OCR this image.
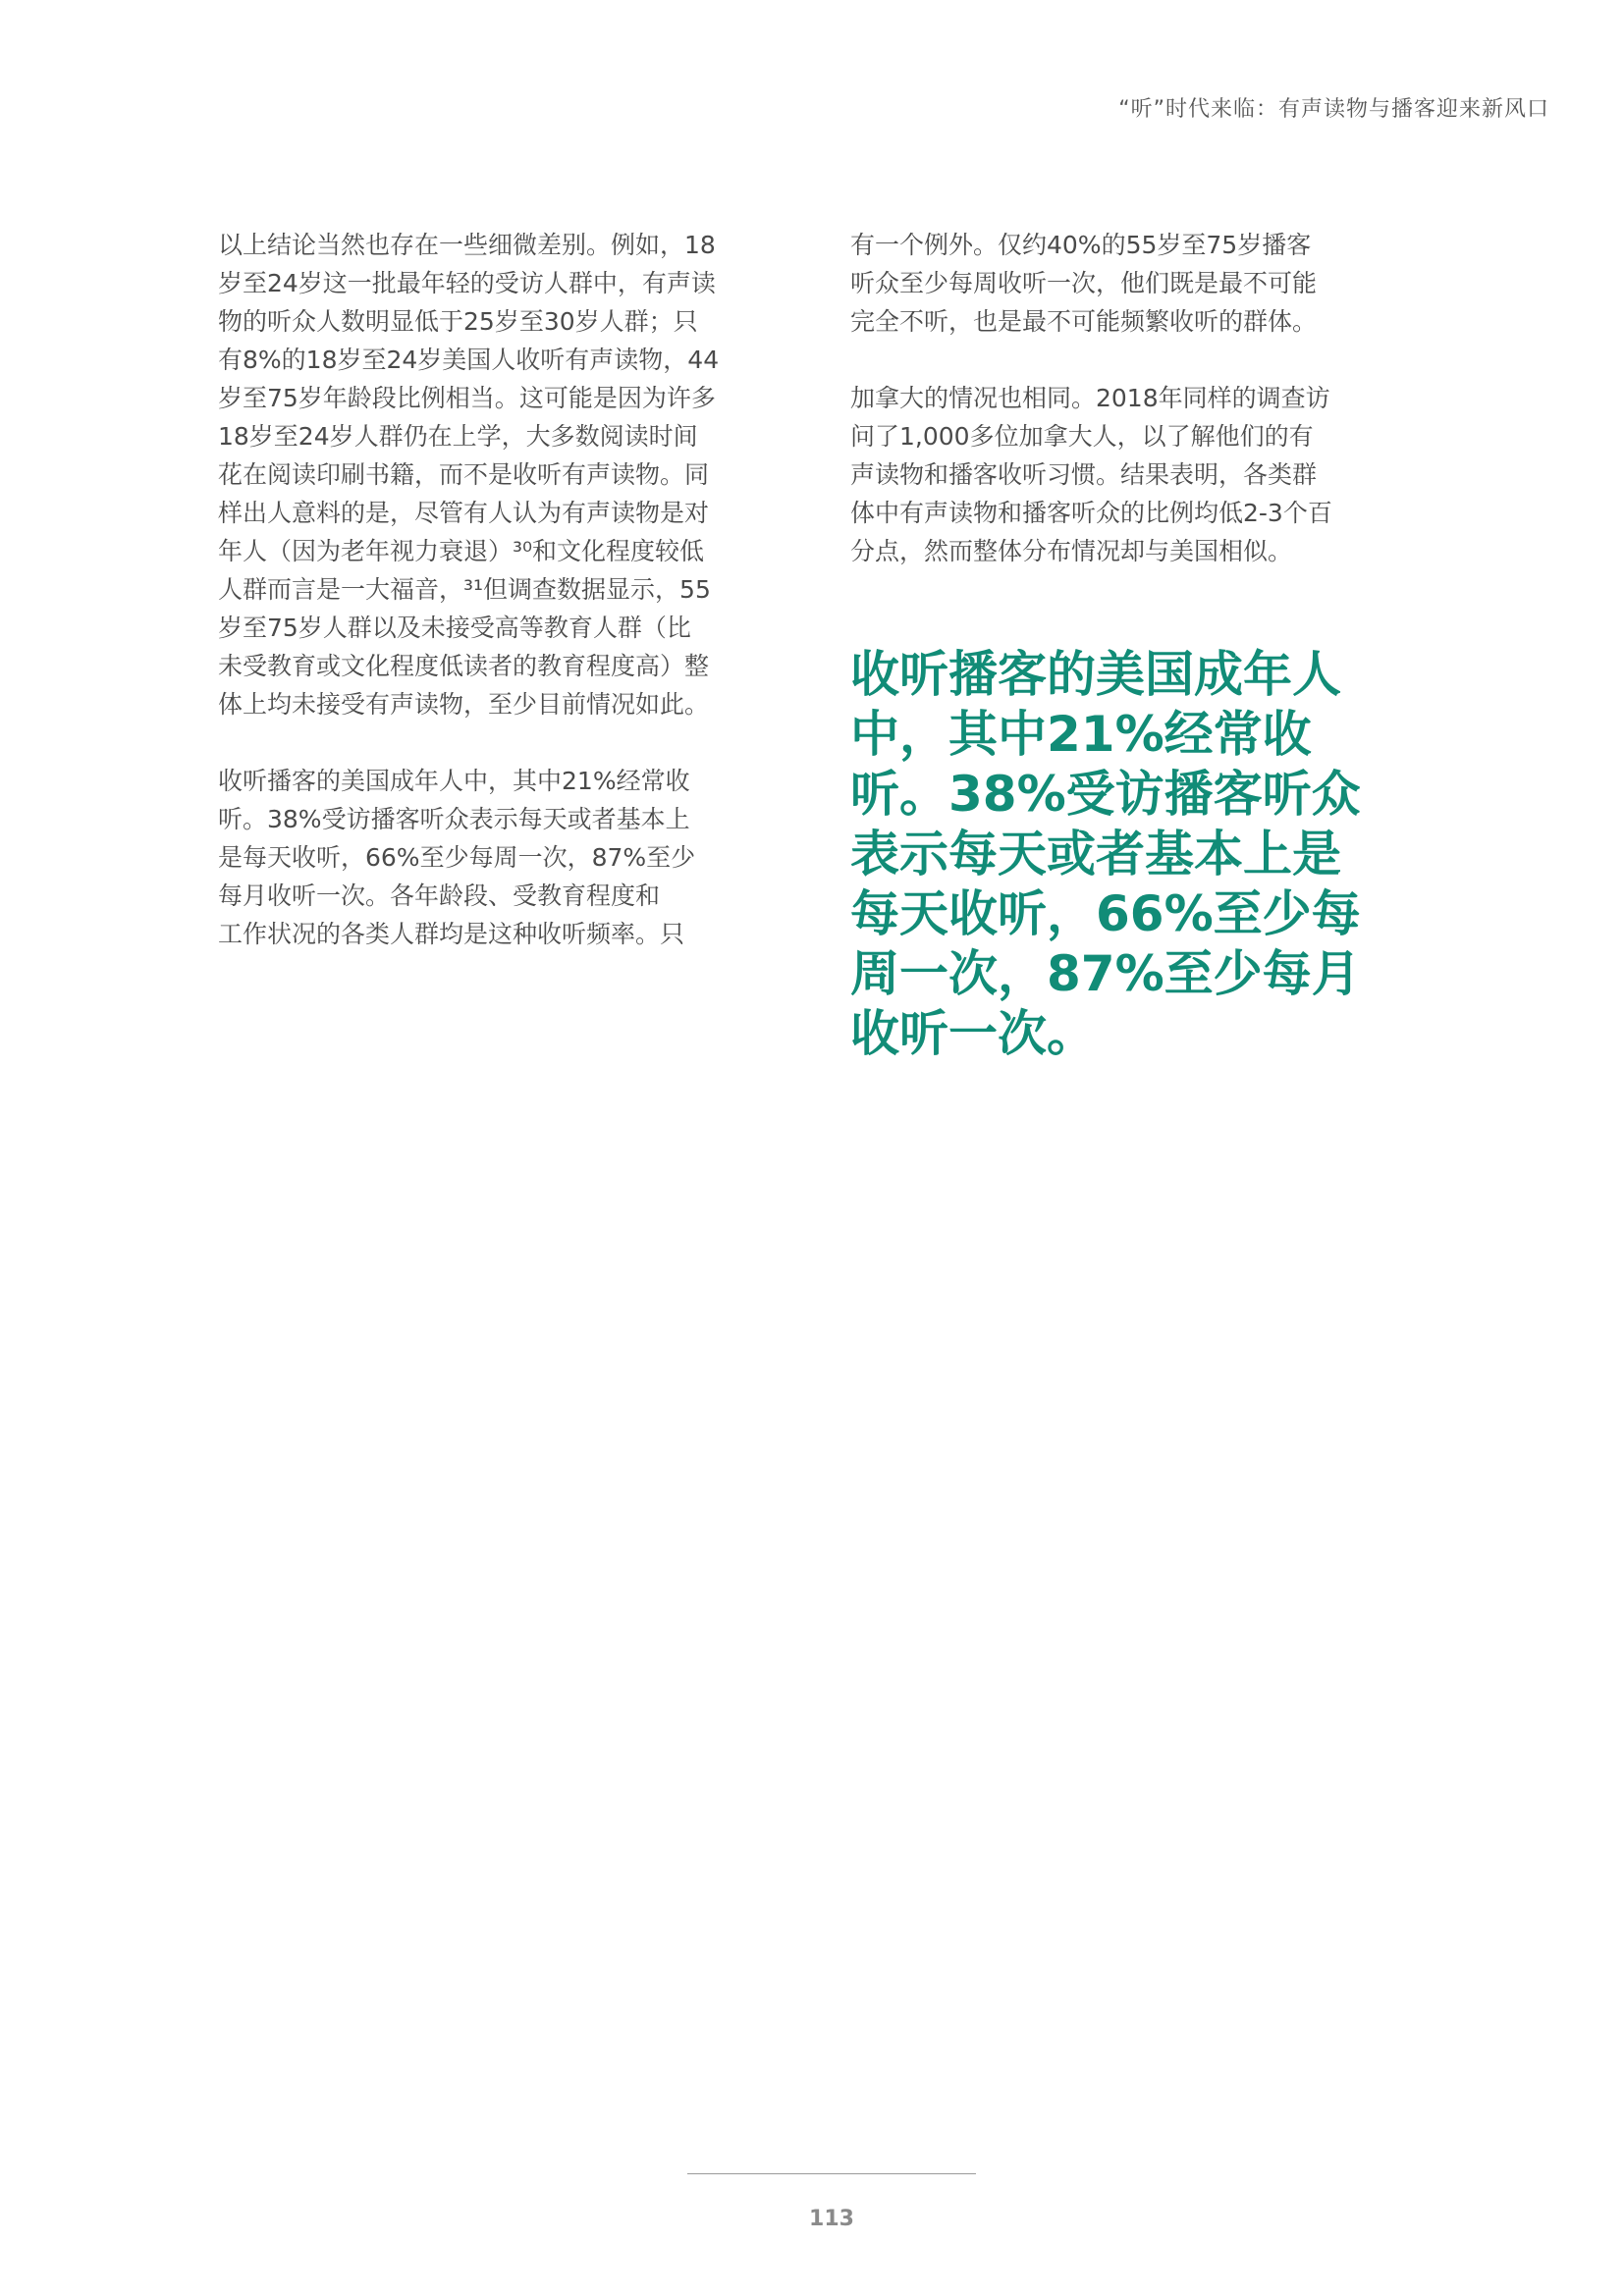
“听”时代来临：有声读物与播客迎来新风口

以上结论当然也存在一些细微差别。例如，18
岁至24岁这一批最年轻的受访人群中，有声读
物的听众人数明显低于25岁至30岁人群；只
有8%的18岁至24岁美国人收听有声读物，44
岁至75岁年龄段比例相当。这可能是因为许多
18岁至24岁人群仍在上学，大多数阅读时间
花在阅读印刷书籍，而不是收听有声读物。同
样出人意料的是，尽管有人认为有声读物是对
年人（因为老年视力衰退）³⁰和文化程度较低
人群而言是一大福音，³¹但调查数据显示，55
岁至75岁人群以及未接受高等教育人群（比
未受教育或文化程度低读者的教育程度高）整
体上均未接受有声读物，至少目前情况如此。

收听播客的美国成年人中，其中21%经常收
听。38%受访播客听众表示每天或者基本上
是每天收听，66%至少每周一次，87%至少
每月收听一次。各年龄段、受教育程度和
工作状况的各类人群均是这种收听频率。只

有一个例外。仅约40%的55岁至75岁播客
听众至少每周收听一次，他们既是最不可能
完全不听，也是最不可能频繁收听的群体。

加拿大的情况也相同。2018年同样的调查访
问了1,000多位加拿大人，以了解他们的有
声读物和播客收听习惯。结果表明，各类群
体中有声读物和播客听众的比例均低2-3个百
分点，然而整体分布情况却与美国相似。

收听播客的美国成年人
中，其中21%经常收
听。38%受访播客听众
表示每天或者基本上是
每天收听，66%至少每
周一次，87%至少每月
收听一次。
113
